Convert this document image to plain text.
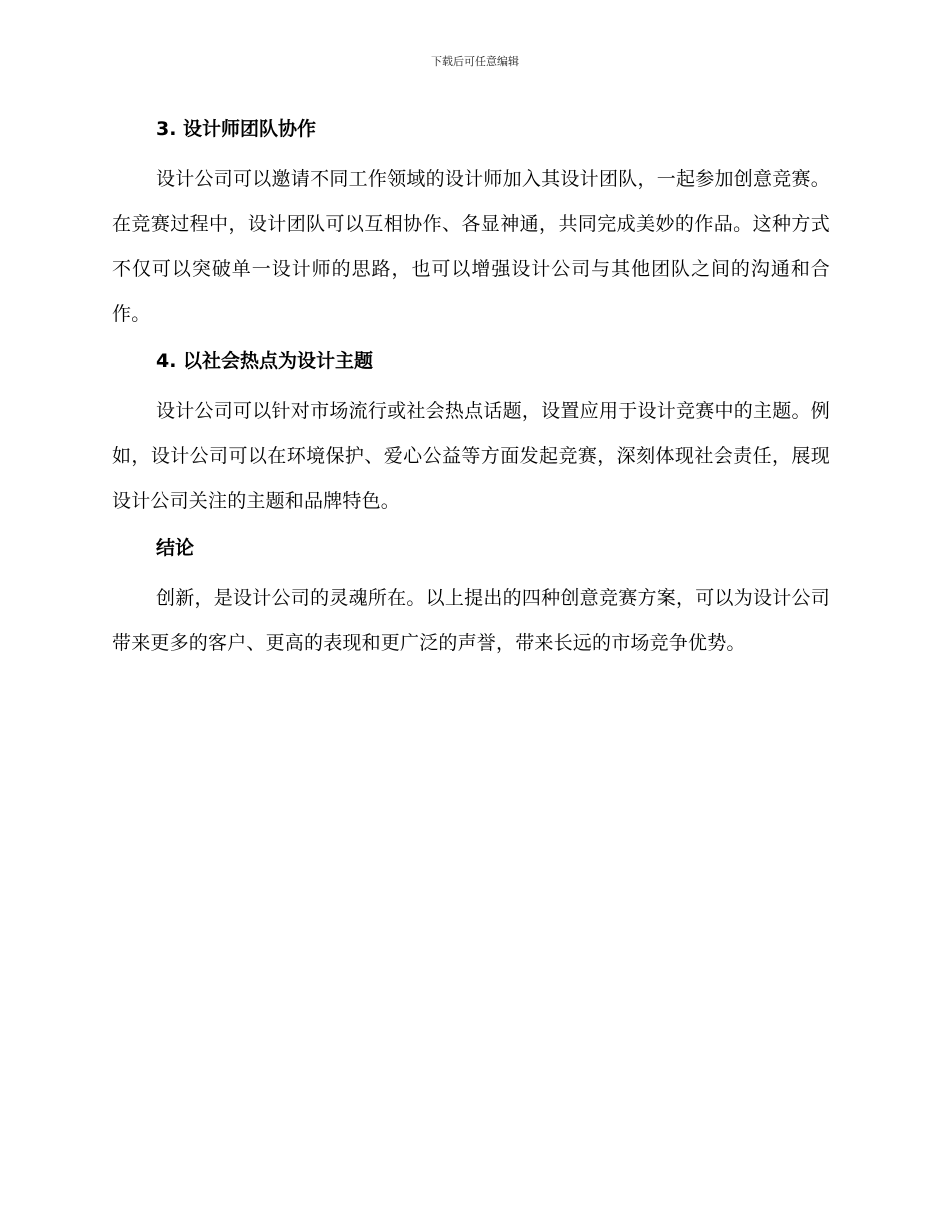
下载后可任意编辑
3. 设计师团队协作

设计公司可以邀请不同工作领域的设计师加入其设计团队，一起参加创意竞赛。在竞赛过程中，设计团队可以互相协作、各显神通，共同完成美妙的作品。这种方式不仅可以突破单一设计师的思路，也可以增强设计公司与其他团队之间的沟通和合作。

4. 以社会热点为设计主题

设计公司可以针对市场流行或社会热点话题，设置应用于设计竞赛中的主题。例如，设计公司可以在环境保护、爱心公益等方面发起竞赛，深刻体现社会责任，展现设计公司关注的主题和品牌特色。

结论

创新，是设计公司的灵魂所在。以上提出的四种创意竞赛方案，可以为设计公司带来更多的客户、更高的表现和更广泛的声誉，带来长远的市场竞争优势。
